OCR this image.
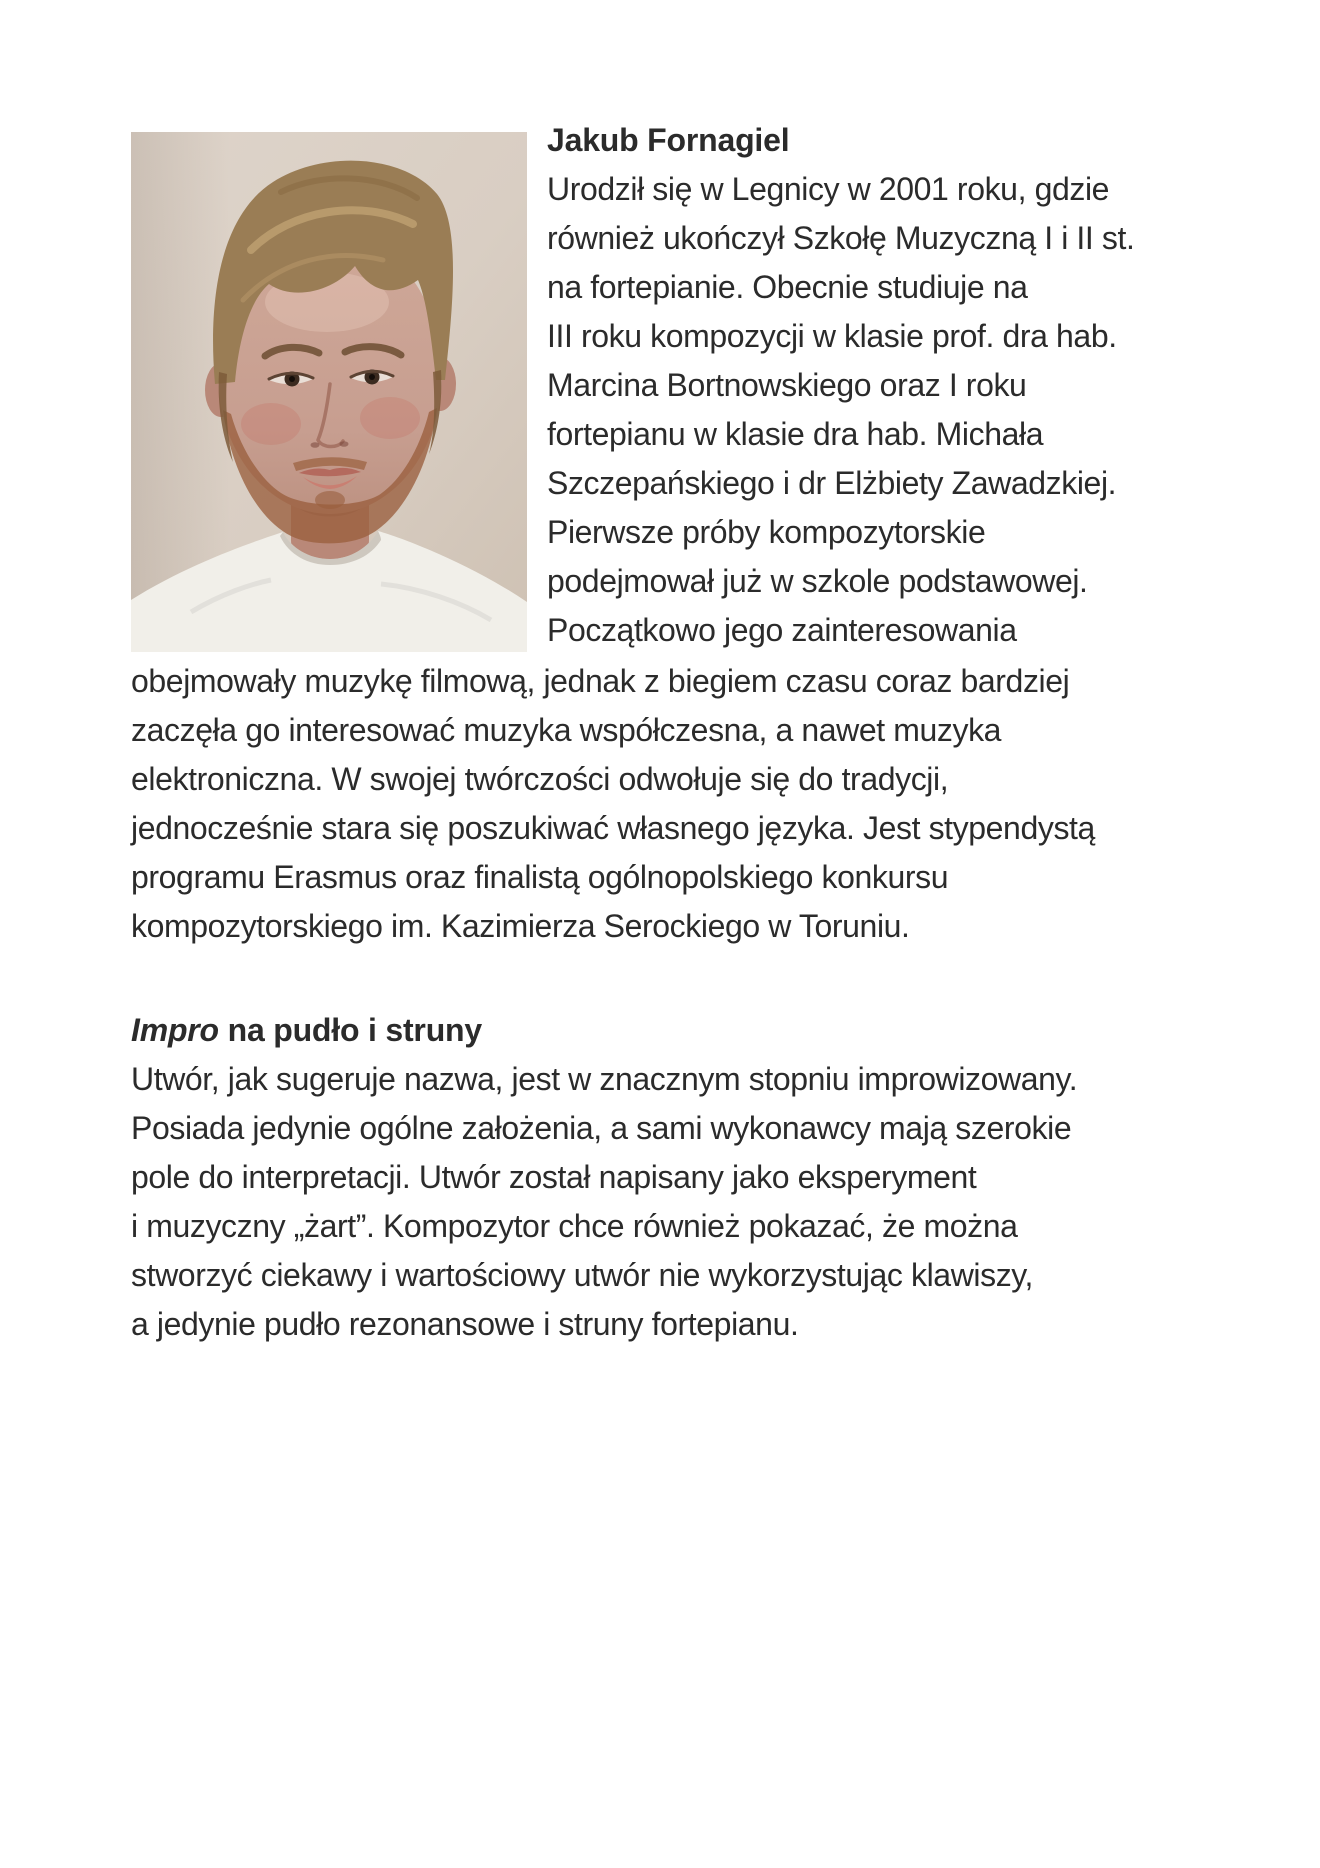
Jakub Fornagiel
Urodził się w Legnicy w 2001 roku, gdzie
również ukończył Szkołę Muzyczną I i II st.
na fortepianie. Obecnie studiuje na
III roku kompozycji w klasie prof. dra hab.
Marcina Bortnowskiego oraz I roku
fortepianu w klasie dra hab. Michała
Szczepańskiego i dr Elżbiety Zawadzkiej.
Pierwsze próby kompozytorskie
podejmował już w szkole podstawowej.
Początkowo jego zainteresowania
obejmowały muzykę filmową, jednak z biegiem czasu coraz bardziej
zaczęła go interesować muzyka współczesna, a nawet muzyka
elektroniczna. W swojej twórczości odwołuje się do tradycji,
jednocześnie stara się poszukiwać własnego języka. Jest stypendystą
programu Erasmus oraz finalistą ogólnopolskiego konkursu
kompozytorskiego im. Kazimierza Serockiego w Toruniu.
Impro na pudło i struny
Utwór, jak sugeruje nazwa, jest w znacznym stopniu improwizowany.
Posiada jedynie ogólne założenia, a sami wykonawcy mają szerokie
pole do interpretacji. Utwór został napisany jako eksperyment
i muzyczny „żart”. Kompozytor chce również pokazać, że można
stworzyć ciekawy i wartościowy utwór nie wykorzystując klawiszy,
a jedynie pudło rezonansowe i struny fortepianu.
